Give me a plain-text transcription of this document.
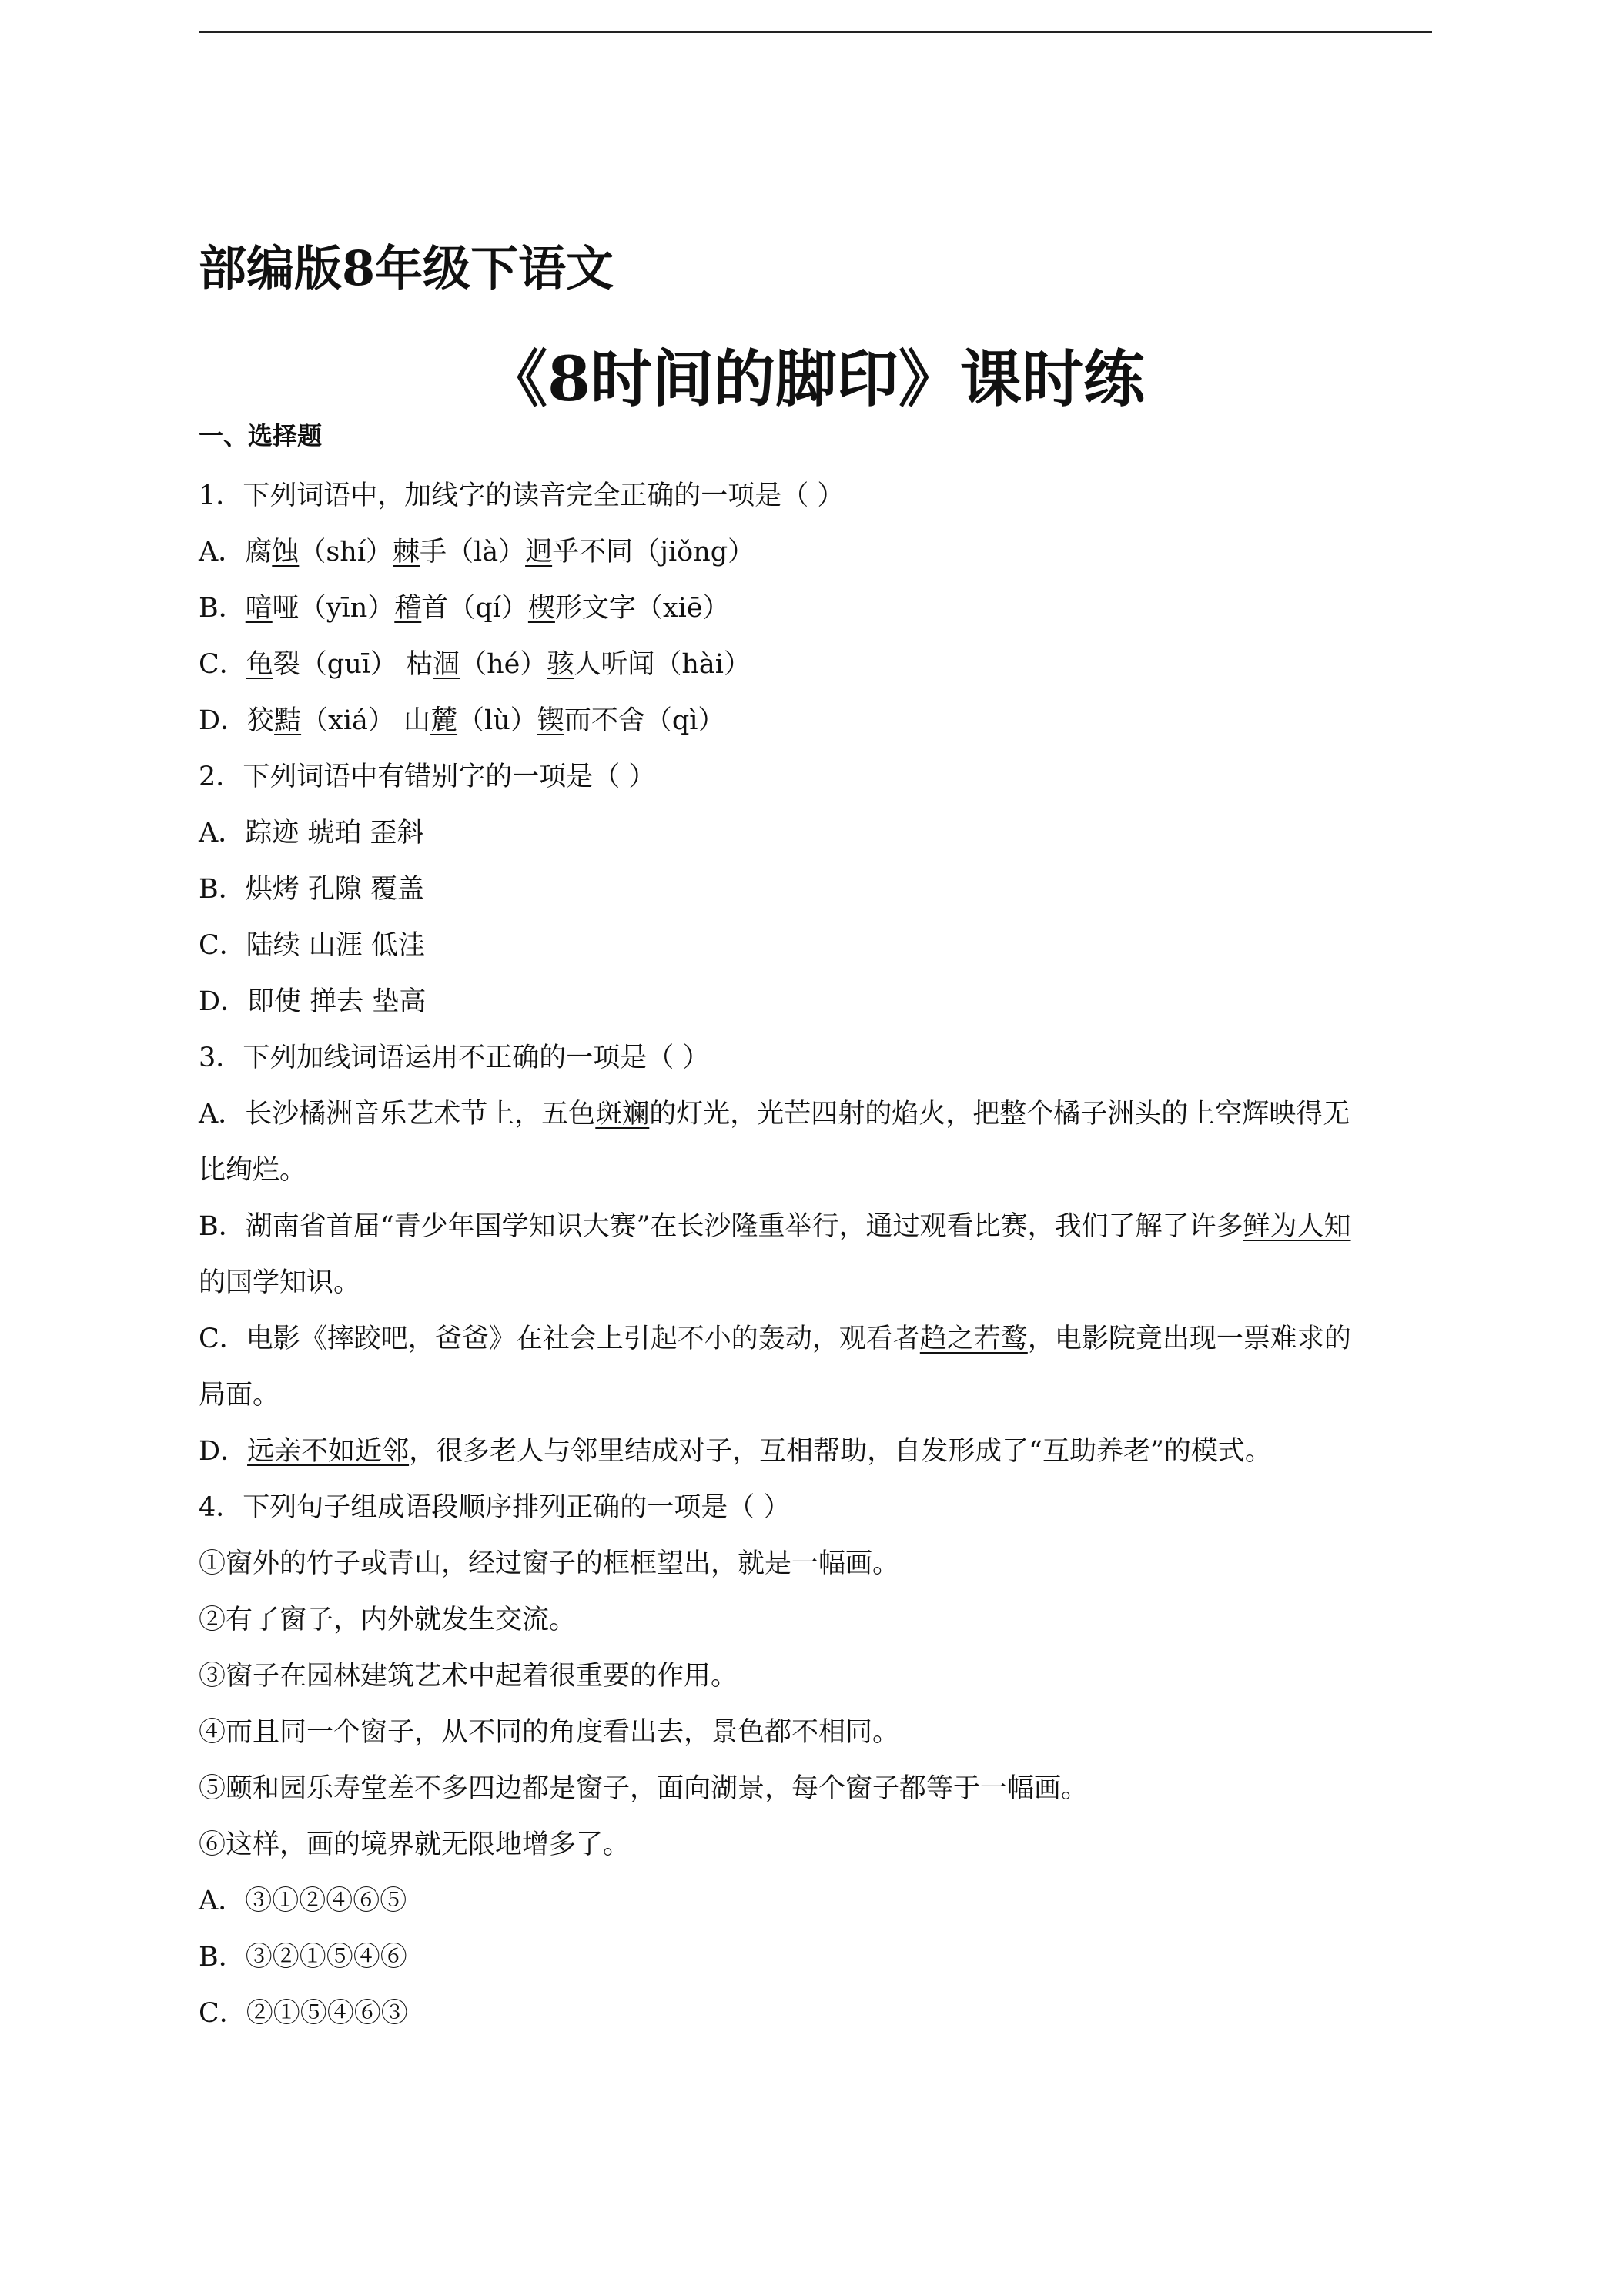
部编版8年级下语文
《8时间的脚印》课时练
一、选择题
1．下列词语中，加线字的读音完全正确的一项是（ ）
A．腐蚀（shí）棘手（là）迥乎不同（jiǒng）
B．喑哑（yīn）稽首（qí）楔形文字（xiē）
C．龟裂（guī） 枯涸（hé）骇人听闻（hài）
D．狡黠（xiá） 山麓（lù）锲而不舍（qì）
2．下列词语中有错别字的一项是（ ）
A．踪迹 琥珀 歪斜
B．烘烤 孔隙 覆盖
C．陆续 山涯 低洼
D．即使 掸去 垫高
3．下列加线词语运用不正确的一项是（ ）
A．长沙橘洲音乐艺术节上，五色斑斓的灯光，光芒四射的焰火，把整个橘子洲头的上空辉映得无
比绚烂。
B．湖南省首届“青少年国学知识大赛”在长沙隆重举行，通过观看比赛，我们了解了许多鲜为人知
的国学知识。
C．电影《摔跤吧，爸爸》在社会上引起不小的轰动，观看者趋之若鹜，电影院竟出现一票难求的
局面。
D．远亲不如近邻，很多老人与邻里结成对子，互相帮助，自发形成了“互助养老”的模式。
4．下列句子组成语段顺序排列正确的一项是（ ）
①窗外的竹子或青山，经过窗子的框框望出，就是一幅画。
②有了窗子，内外就发生交流。
③窗子在园林建筑艺术中起着很重要的作用。
④而且同一个窗子，从不同的角度看出去，景色都不相同。
⑤颐和园乐寿堂差不多四边都是窗子，面向湖景，每个窗子都等于一幅画。
⑥这样，画的境界就无限地增多了。
A．③①②④⑥⑤
B．③②①⑤④⑥
C．②①⑤④⑥③
